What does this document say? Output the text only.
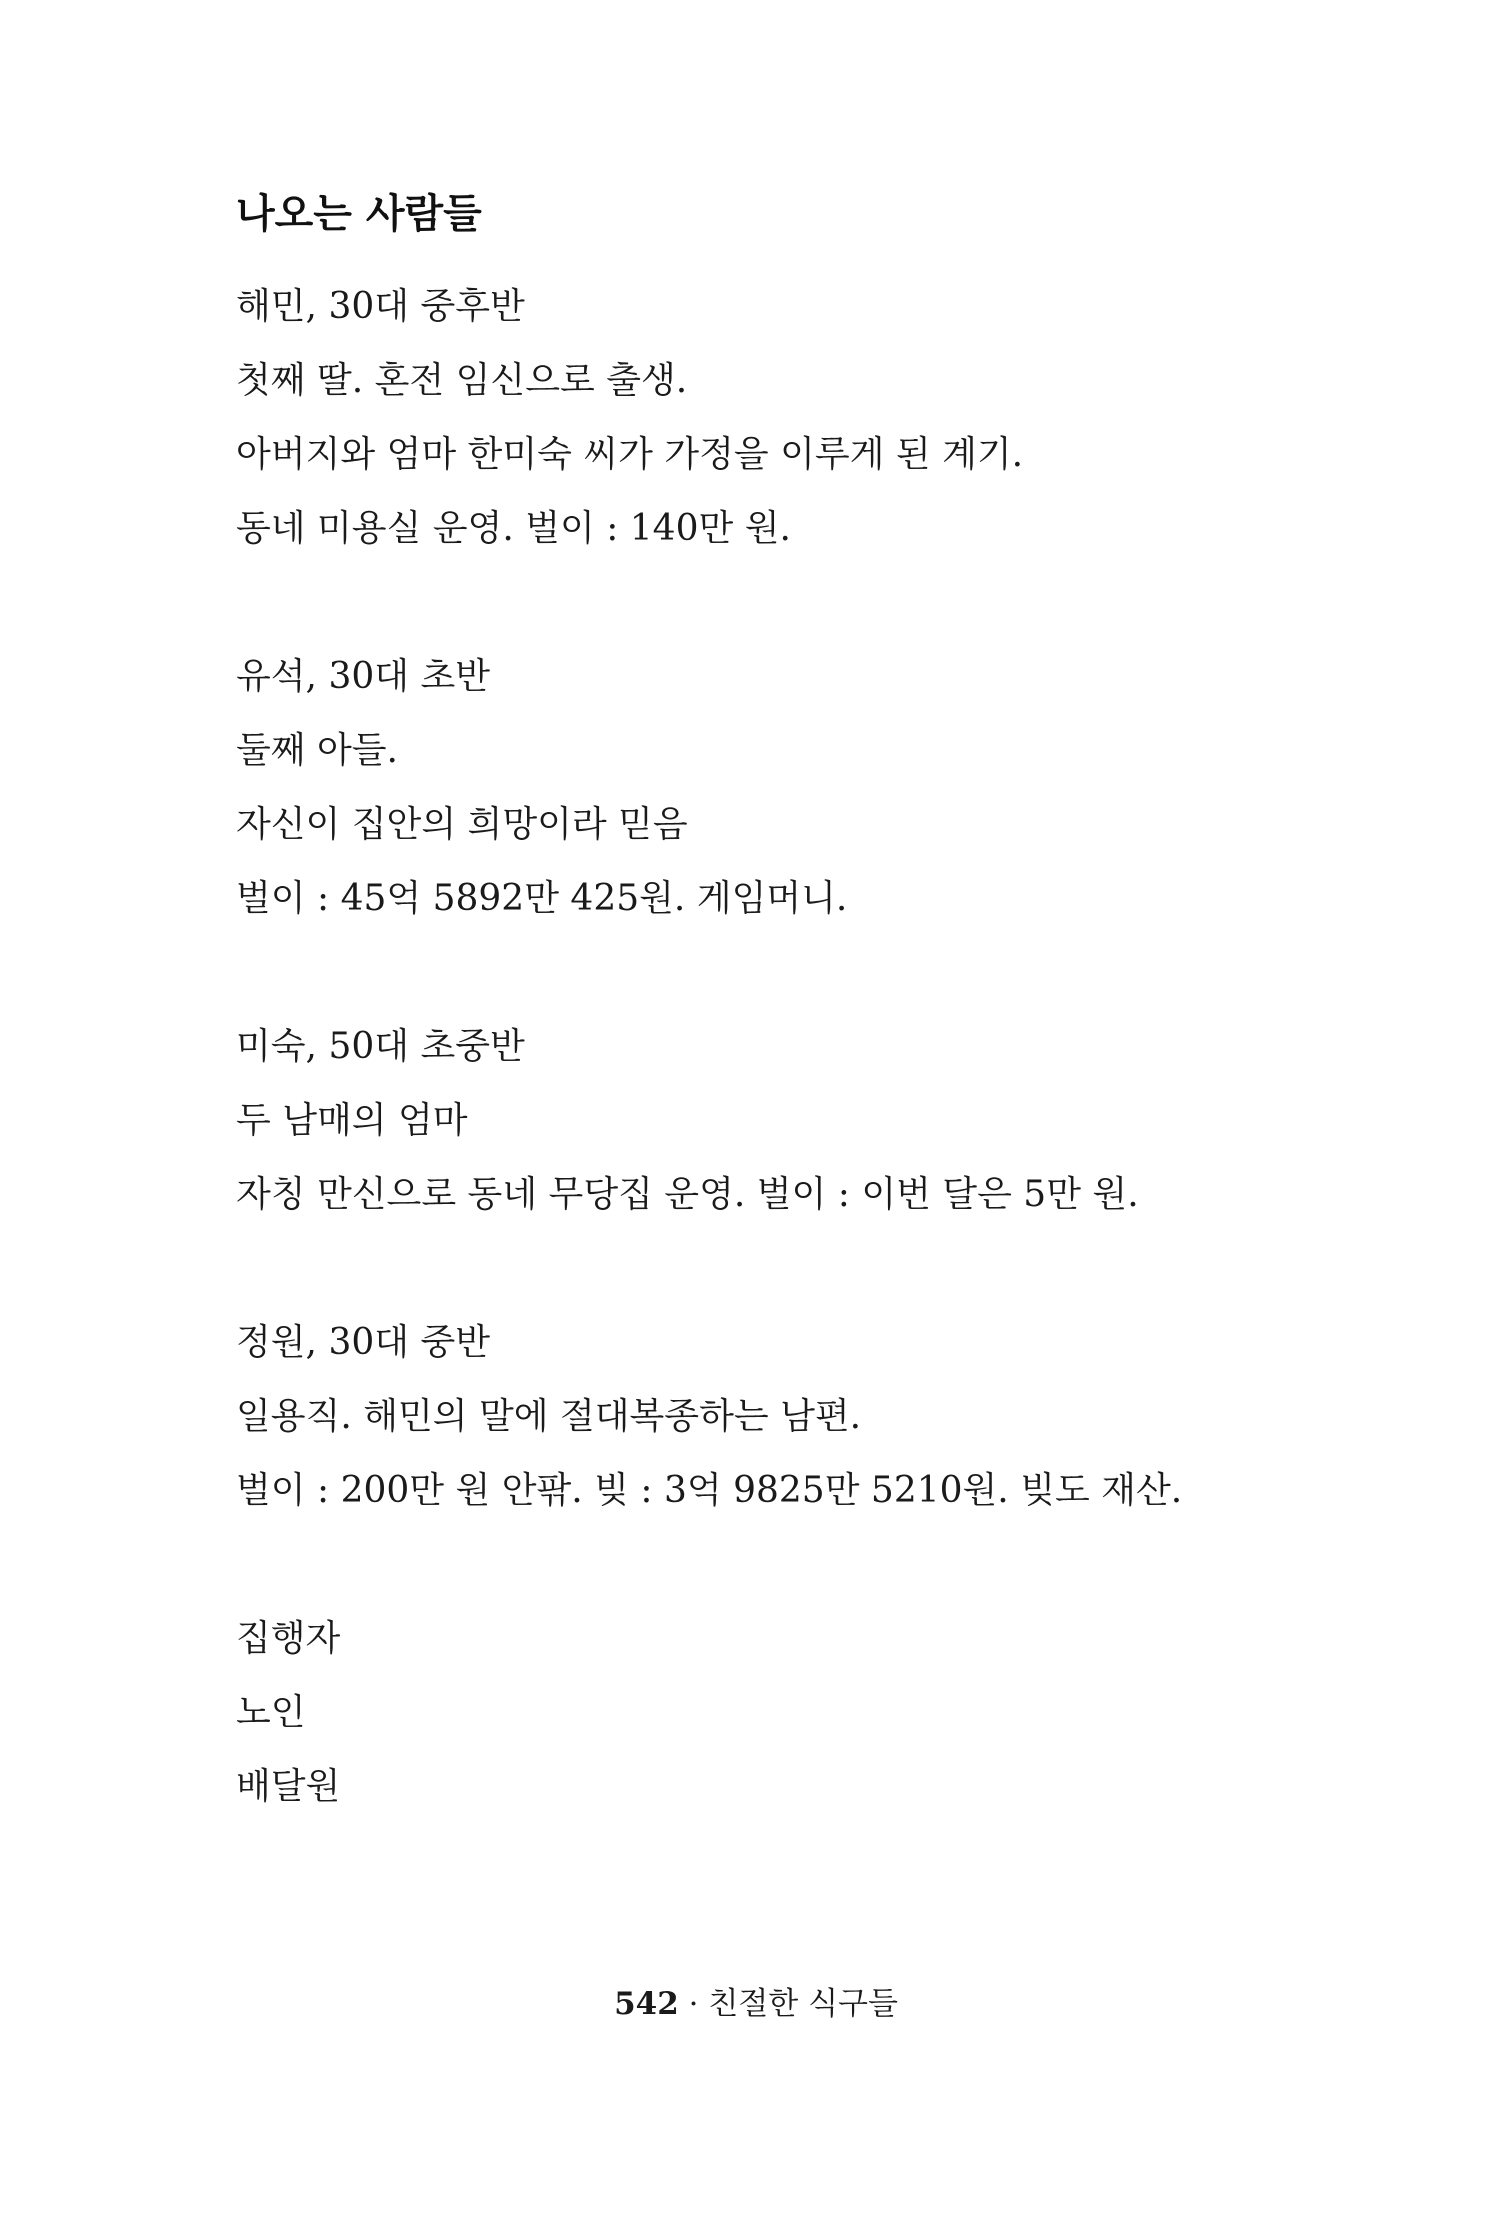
나오는 사람들
해민, 30대 중후반
첫째 딸. 혼전 임신으로 출생.
아버지와 엄마 한미숙 씨가 가정을 이루게 된 계기.
동네 미용실 운영. 벌이 : 140만 원.
유석, 30대 초반
둘째 아들.
자신이 집안의 희망이라 믿음
벌이 : 45억 5892만 425원. 게임머니.
미숙, 50대 초중반
두 남매의 엄마
자칭 만신으로 동네 무당집 운영. 벌이 : 이번 달은 5만 원.
정원, 30대 중반
일용직. 해민의 말에 절대복종하는 남편.
벌이 : 200만 원 안팎. 빚 : 3억 9825만 5210원. 빚도 재산.
집행자
노인
배달원
542 · 친절한 식구들
